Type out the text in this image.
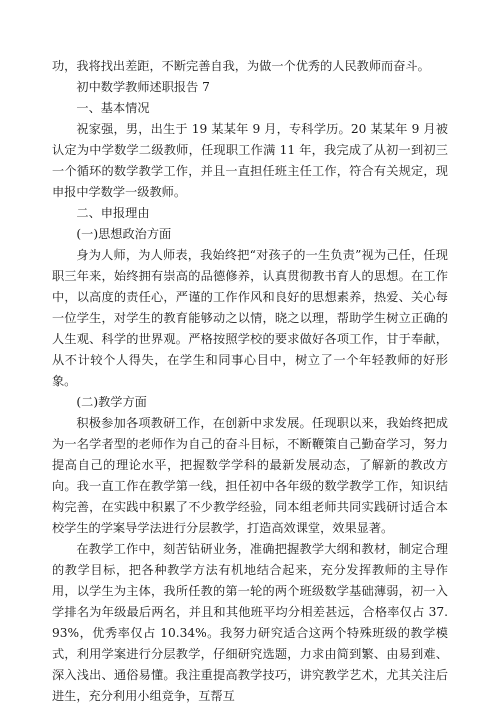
功，我将找出差距，不断完善自我，为做一个优秀的人民教师而奋斗。

初中数学教师述职报告 7

一、基本情况

祝家强，男，出生于 19 某某年 9 月，专科学历。20 某某年 9 月被认定为中学数学二级教师，任现职工作满 11 年，我完成了从初一到初三一个循环的数学教学工作，并且一直担任班主任工作，符合有关规定，现申报中学数学一级教师。

二、申报理由

(一)思想政治方面

身为人师，为人师表，我始终把“对孩子的一生负责”视为己任，任现职三年来，始终拥有崇高的品德修养，认真贯彻教书育人的思想。在工作中，以高度的责任心，严谨的工作作风和良好的思想素养，热爱、关心每一位学生，对学生的教育能够动之以情，晓之以理，帮助学生树立正确的人生观、科学的世界观。严格按照学校的要求做好各项工作，甘于奉献，从不计较个人得失，在学生和同事心目中，树立了一个年轻教师的好形象。

(二)教学方面

积极参加各项教研工作，在创新中求发展。任现职以来，我始终把成为一名学者型的老师作为自己的奋斗目标，不断鞭策自己勤奋学习，努力提高自己的理论水平，把握数学学科的最新发展动态，了解新的教改方向。我一直工作在教学第一线，担任初中各年级的数学教学工作，知识结构完善，在实践中积累了不少教学经验，同本组老师共同实践研讨适合本校学生的学案导学法进行分层教学，打造高效课堂，效果显著。

在教学工作中，刻苦钻研业务，准确把握教学大纲和教材，制定合理的教学目标，把各种教学方法有机地结合起来，充分发挥教师的主导作用，以学生为主体，我所任教的第一轮的两个班级数学基础薄弱，初一入学排名为年级最后两名，并且和其他班平均分相差甚远，合格率仅占 37.93%，优秀率仅占 10.34%。我努力研究适合这两个特殊班级的教学模式，利用学案进行分层教学，仔细研究选题，力求由简到繁、由易到难、深入浅出、通俗易懂。我注重提高教学技巧，讲究教学艺术，尤其关注后进生，充分利用小组竞争，互帮互
